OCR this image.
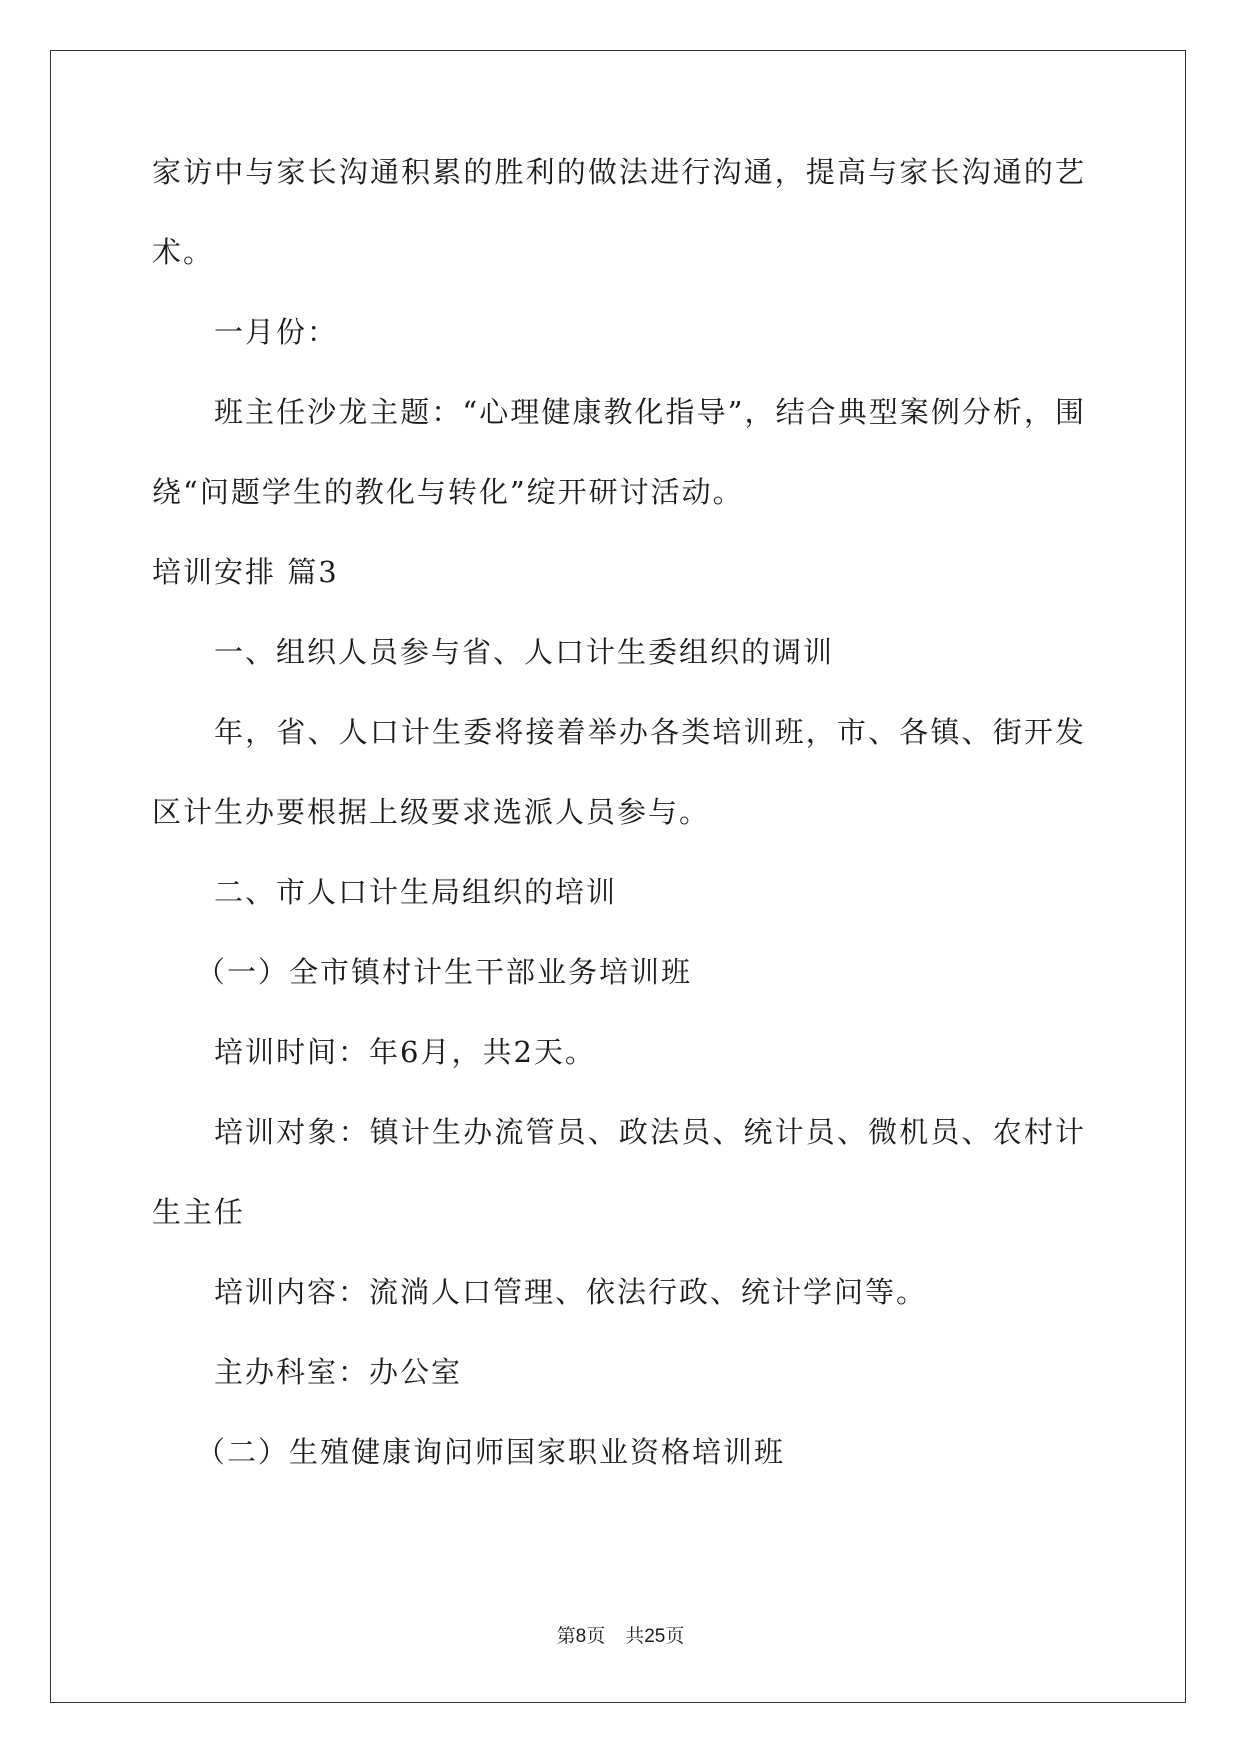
家访中与家长沟通积累的胜利的做法进行沟通，提高与家长沟通的艺
术。
一月份：
班主任沙龙主题：“心理健康教化指导”，结合典型案例分析，围
绕“问题学生的教化与转化”绽开研讨活动。
培训安排 篇3
一、组织人员参与省、人口计生委组织的调训
年，省、人口计生委将接着举办各类培训班，市、各镇、街开发
区计生办要根据上级要求选派人员参与。
二、市人口计生局组织的培训
（一）全市镇村计生干部业务培训班
培训时间：年6月，共2天。
培训对象：镇计生办流管员、政法员、统计员、微机员、农村计
生主任
培训内容：流淌人口管理、依法行政、统计学问等。
主办科室：办公室
（二）生殖健康询问师国家职业资格培训班
第8页 共25页
